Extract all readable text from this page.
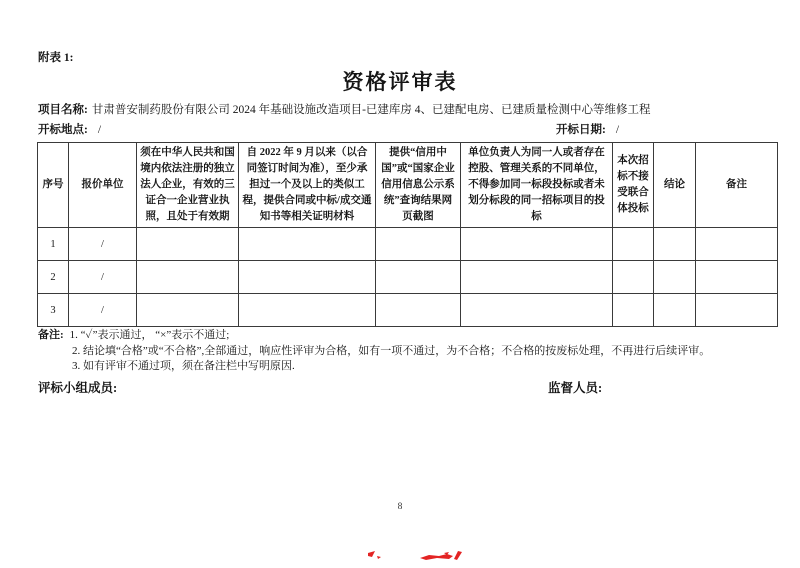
附表 1:
资格评审表
项目名称: 甘肃普安制药股份有限公司 2024 年基础设施改造项目-已建库房 4、已建配电房、已建质量检测中心等维修工程
开标地点: /	开标日期: /
序号	报价单位	须在中华人民共和国境内依法注册的独立法人企业，有效的三证合一企业营业执照，且处于有效期	自 2022 年 9 月以来（以合同签订时间为准），至少承担过一个及以上的类似工程，提供合同或中标/成交通知书等相关证明材料	提供“信用中国”或“国家企业信用信息公示系统”查询结果网页截图	单位负责人为同一人或者存在控股、管理关系的不同单位，不得参加同一标段投标或者未划分标段的同一招标项目的投标	本次招标不接受联合体投标	结论	备注
1	/							
2	/							
3	/							
备注: 1. “✓”表示通过， “×”表示不通过;
2. 结论填“合格”或“不合格”,全部通过，响应性评审为合格，如有一项不通过，为不合格；不合格的按废标处理，不再进行后续评审。
3. 如有评审不通过项，须在备注栏中写明原因.
评标小组成员:	监督人员:
8
